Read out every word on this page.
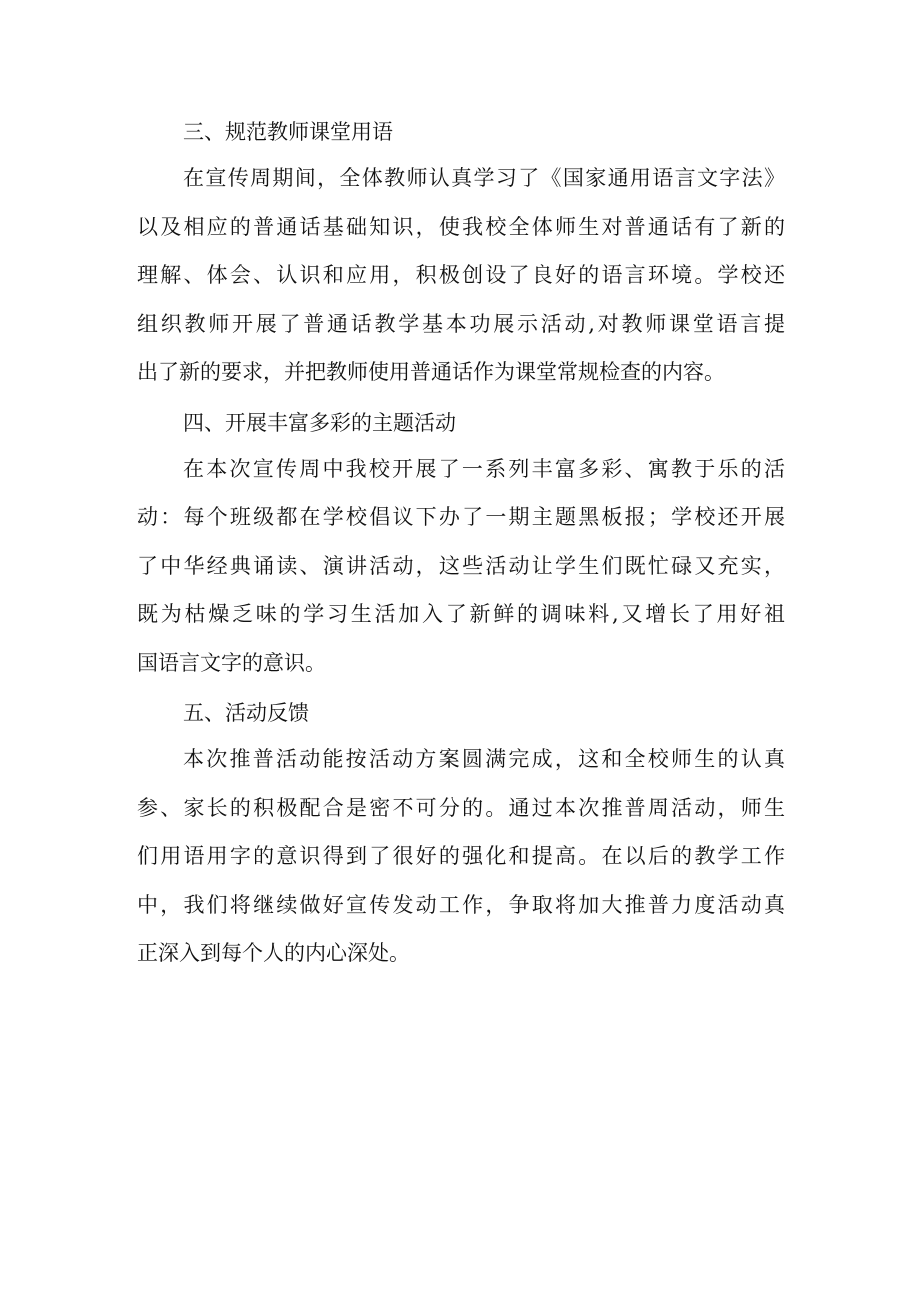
三、规范教师课堂用语

在宣传周期间，全体教师认真学习了《国家通用语言文字法》
以及相应的普通话基础知识，使我校全体师生对普通话有了新的
理解、体会、认识和应用，积极创设了良好的语言环境。学校还
组织教师开展了普通话教学基本功展示活动,对教师课堂语言提
出了新的要求，并把教师使用普通话作为课堂常规检查的内容。

四、开展丰富多彩的主题活动

在本次宣传周中我校开展了一系列丰富多彩、寓教于乐的活
动：每个班级都在学校倡议下办了一期主题黑板报；学校还开展
了中华经典诵读、演讲活动，这些活动让学生们既忙碌又充实，
既为枯燥乏味的学习生活加入了新鲜的调味料,又增长了用好祖
国语言文字的意识。

五、活动反馈

本次推普活动能按活动方案圆满完成，这和全校师生的认真
参、家长的积极配合是密不可分的。通过本次推普周活动，师生
们用语用字的意识得到了很好的强化和提高。在以后的教学工作
中，我们将继续做好宣传发动工作，争取将加大推普力度活动真
正深入到每个人的内心深处。
